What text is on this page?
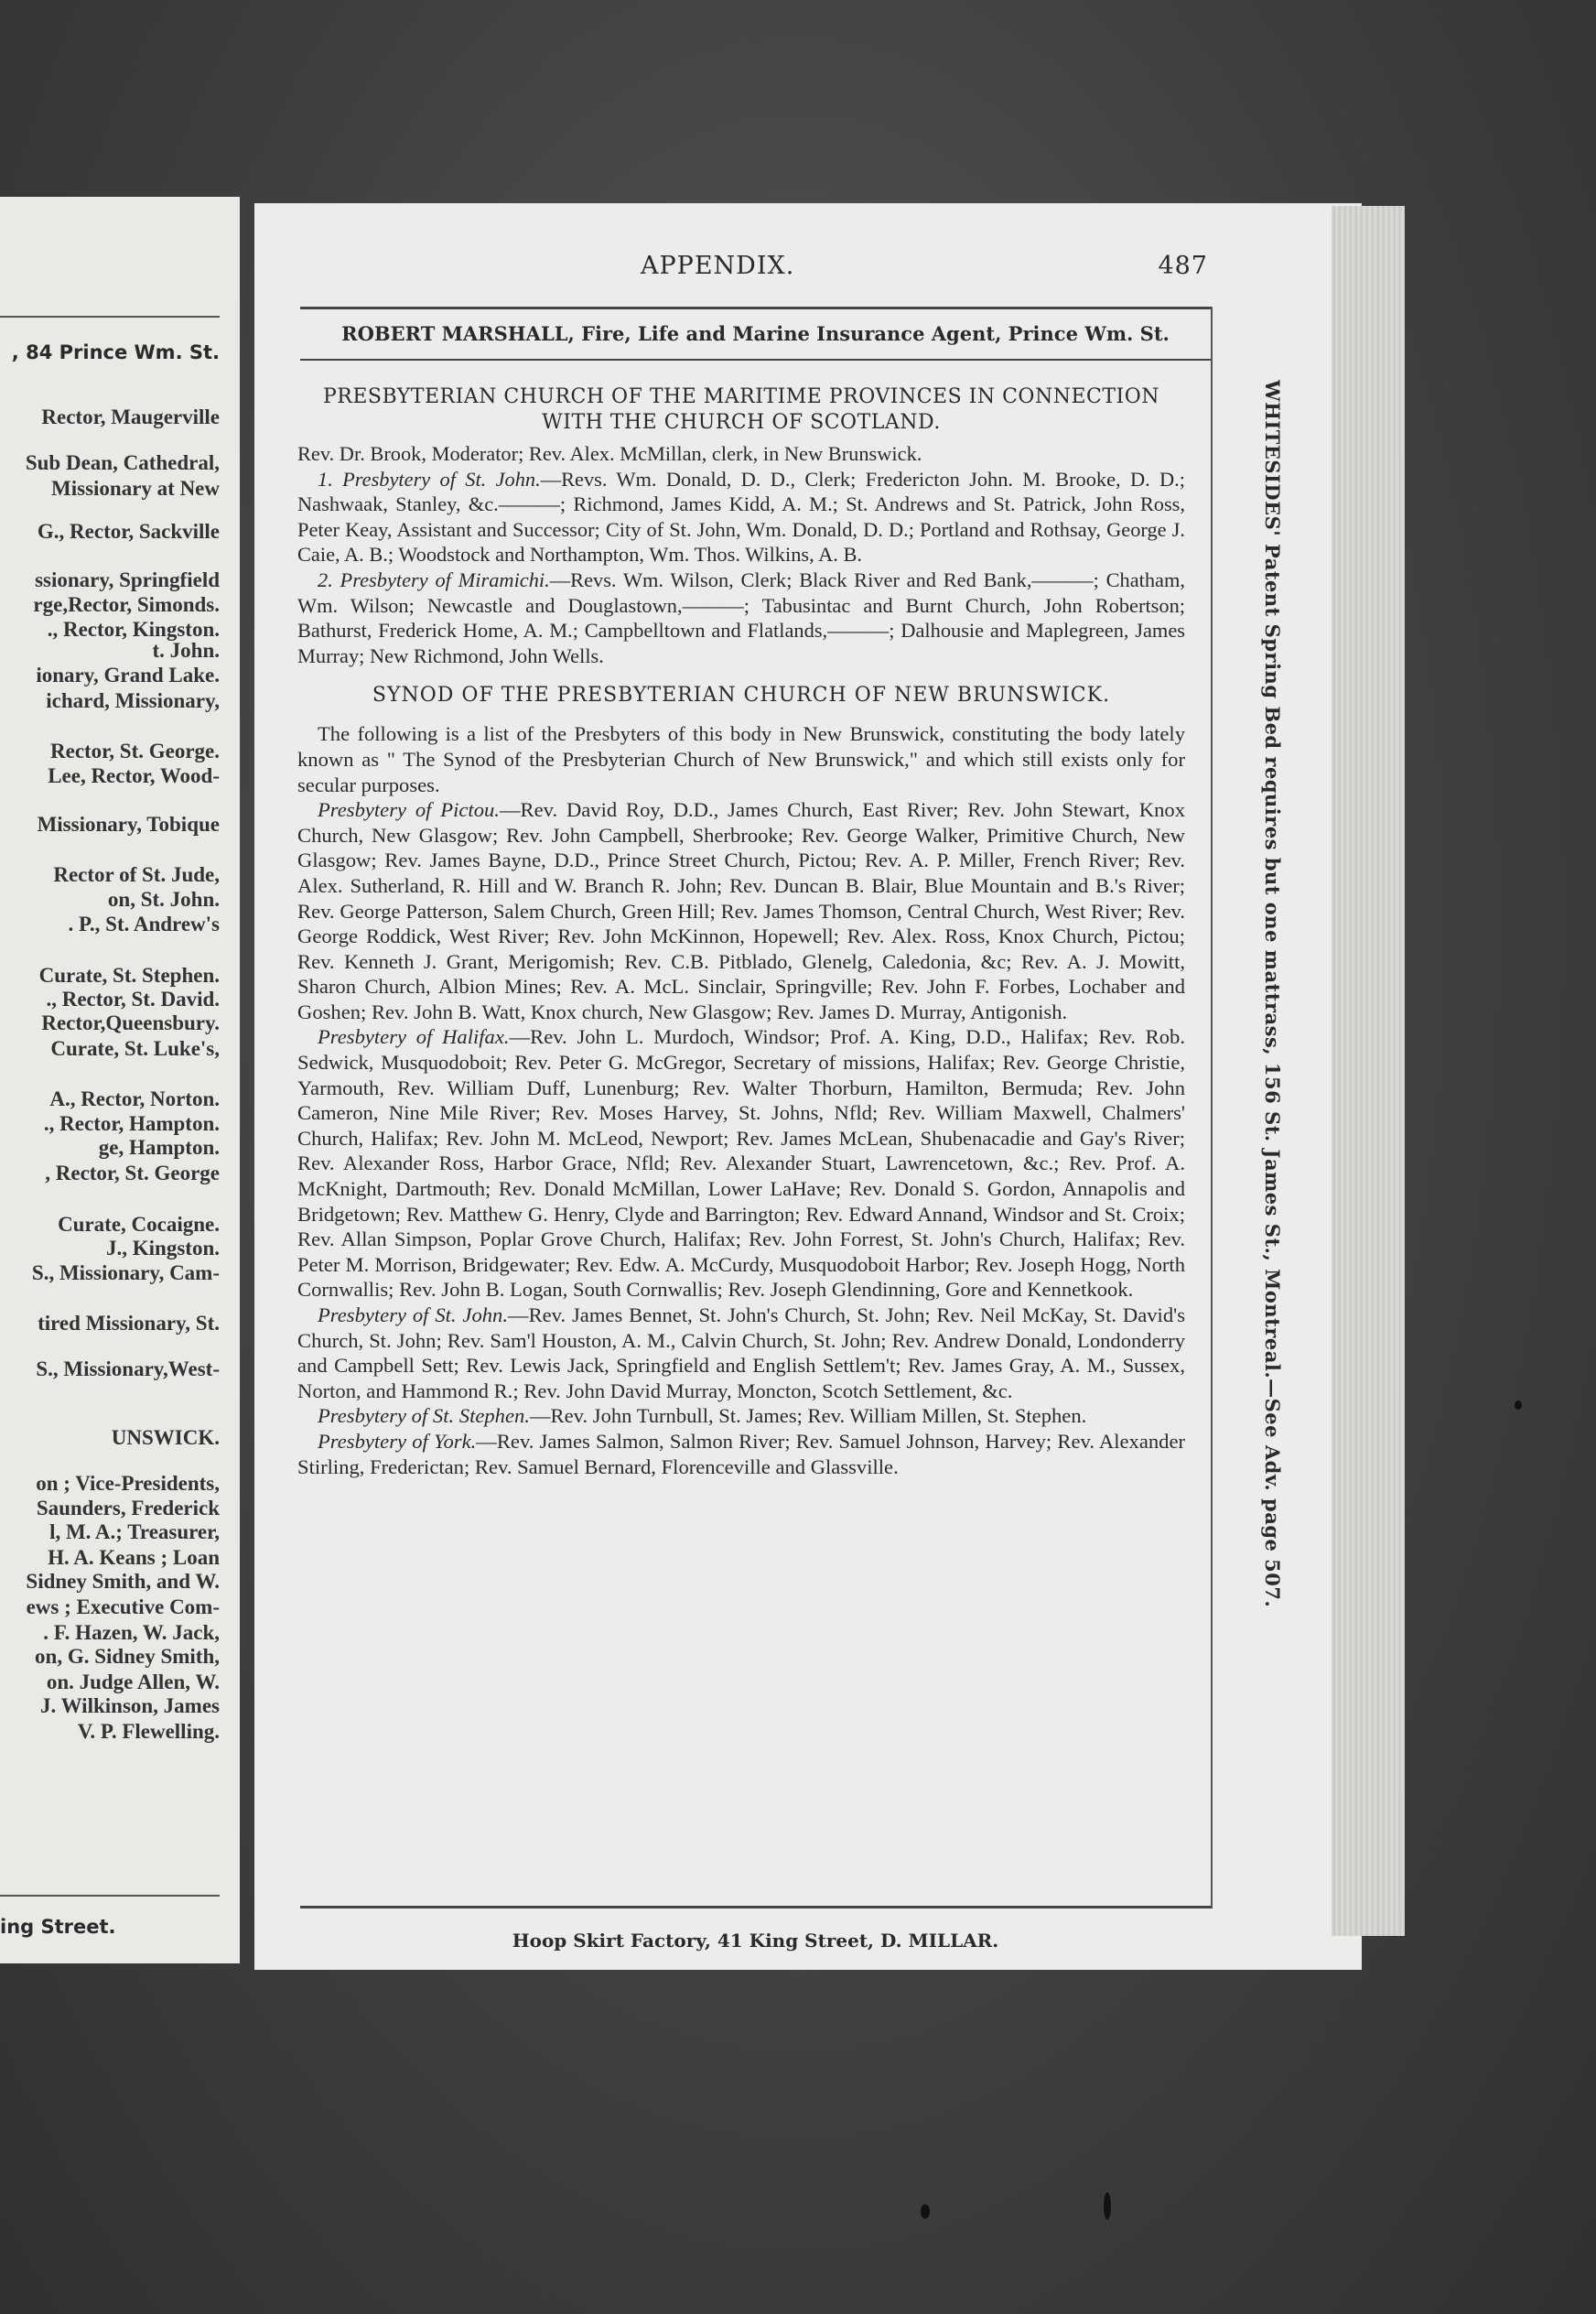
, 84 Prince Wm. St.
Rector, Maugerville
Sub Dean, Cathedral,
Missionary at New
G., Rector, Sackville
ssionary, Springfield
rge,Rector, Simonds.
., Rector, Kingston.
t. John.
ionary, Grand Lake.
ichard, Missionary,
Rector, St. George.
Lee, Rector, Wood-
Missionary, Tobique
Rector of St. Jude,
on, St. John.
. P., St. Andrew's
Curate, St. Stephen.
., Rector, St. David.
Rector,Queensbury.
Curate, St. Luke's,
A., Rector, Norton.
., Rector, Hampton.
ge, Hampton.
, Rector, St. George
Curate, Cocaigne.
J., Kingston.
S., Missionary, Cam-
tired Missionary, St.
S., Missionary,West-
UNSWICK.
on ; Vice-Presidents,
Saunders, Frederick
l, M. A.; Treasurer,
H. A. Keans ; Loan
Sidney Smith, and W.
ews ; Executive Com-
. F. Hazen, W. Jack,
on, G. Sidney Smith,
on. Judge Allen, W.
J. Wilkinson, James
V. P. Flewelling.
ing Street.
APPENDIX.	487
ROBERT MARSHALL, Fire, Life and Marine Insurance Agent, Prince Wm. St.
WHITESIDES' Patent Spring Bed requires but one mattrass, 156 St. James St., Montreal.—See Adv. page 507.
PRESBYTERIAN CHURCH OF THE MARITIME PROVINCES IN CONNECTION WITH THE CHURCH OF SCOTLAND.

Rev. Dr. Brook, Moderator; Rev. Alex. McMillan, clerk, in New Brunswick.

1. Presbytery of St. John.—Revs. Wm. Donald, D. D., Clerk; Fredericton John. M. Brooke, D. D.; Nashwaak, Stanley, &c.———; Richmond, James Kidd, A. M.; St. Andrews and St. Patrick, John Ross, Peter Keay, Assistant and Successor; City of St. John, Wm. Donald, D. D.; Portland and Rothsay, George J. Caie, A. B.; Woodstock and Northampton, Wm. Thos. Wilkins, A. B.

2. Presbytery of Miramichi.—Revs. Wm. Wilson, Clerk; Black River and Red Bank,———; Chatham, Wm. Wilson; Newcastle and Douglastown,———; Tabusintac and Burnt Church, John Robertson; Bathurst, Frederick Home, A. M.; Campbelltown and Flatlands,———; Dalhousie and Maplegreen, James Murray; New Richmond, John Wells.

SYNOD OF THE PRESBYTERIAN CHURCH OF NEW BRUNSWICK.

The following is a list of the Presbyters of this body in New Brunswick, constituting the body lately known as " The Synod of the Presbyterian Church of New Brunswick," and which still exists only for secular purposes.

Presbytery of Pictou.—Rev. David Roy, D.D., James Church, East River; Rev. John Stewart, Knox Church, New Glasgow; Rev. John Campbell, Sherbrooke; Rev. George Walker, Primitive Church, New Glasgow; Rev. James Bayne, D.D., Prince Street Church, Pictou; Rev. A. P. Miller, French River; Rev. Alex. Sutherland, R. Hill and W. Branch R. John; Rev. Duncan B. Blair, Blue Mountain and B.'s River; Rev. George Patterson, Salem Church, Green Hill; Rev. James Thomson, Central Church, West River; Rev. George Roddick, West River; Rev. John McKinnon, Hopewell; Rev. Alex. Ross, Knox Church, Pictou; Rev. Kenneth J. Grant, Merigomish; Rev. C.B. Pitblado, Glenelg, Caledonia, &c; Rev. A. J. Mowitt, Sharon Church, Albion Mines; Rev. A. McL. Sinclair, Springville; Rev. John F. Forbes, Lochaber and Goshen; Rev. John B. Watt, Knox church, New Glasgow; Rev. James D. Murray, Antigonish.

Presbytery of Halifax.—Rev. John L. Murdoch, Windsor; Prof. A. King, D.D., Halifax; Rev. Rob. Sedwick, Musquodoboit; Rev. Peter G. McGregor, Secretary of missions, Halifax; Rev. George Christie, Yarmouth, Rev. William Duff, Lunenburg; Rev. Walter Thorburn, Hamilton, Bermuda; Rev. John Cameron, Nine Mile River; Rev. Moses Harvey, St. Johns, Nfld; Rev. William Maxwell, Chalmers' Church, Halifax; Rev. John M. McLeod, Newport; Rev. James McLean, Shubenacadie and Gay's River; Rev. Alexander Ross, Harbor Grace, Nfld; Rev. Alexander Stuart, Lawrencetown, &c.; Rev. Prof. A. McKnight, Dartmouth; Rev. Donald McMillan, Lower LaHave; Rev. Donald S. Gordon, Annapolis and Bridgetown; Rev. Matthew G. Henry, Clyde and Barrington; Rev. Edward Annand, Windsor and St. Croix; Rev. Allan Simpson, Poplar Grove Church, Halifax; Rev. John Forrest, St. John's Church, Halifax; Rev. Peter M. Morrison, Bridgewater; Rev. Edw. A. McCurdy, Musquodoboit Harbor; Rev. Joseph Hogg, North Cornwallis; Rev. John B. Logan, South Cornwallis; Rev. Joseph Glendinning, Gore and Kennetkook.

Presbytery of St. John.—Rev. James Bennet, St. John's Church, St. John; Rev. Neil McKay, St. David's Church, St. John; Rev. Sam'l Houston, A. M., Calvin Church, St. John; Rev. Andrew Donald, Londonderry and Campbell Sett; Rev. Lewis Jack, Springfield and English Settlem't; Rev. James Gray, A. M., Sussex, Norton, and Hammond R.; Rev. John David Murray, Moncton, Scotch Settlement, &c.

Presbytery of St. Stephen.—Rev. John Turnbull, St. James; Rev. William Millen, St. Stephen.

Presbytery of York.—Rev. James Salmon, Salmon River; Rev. Samuel Johnson, Harvey; Rev. Alexander Stirling, Frederictan; Rev. Samuel Bernard, Florenceville and Glassville.

Hoop Skirt Factory, 41 King Street, D. MILLAR.
